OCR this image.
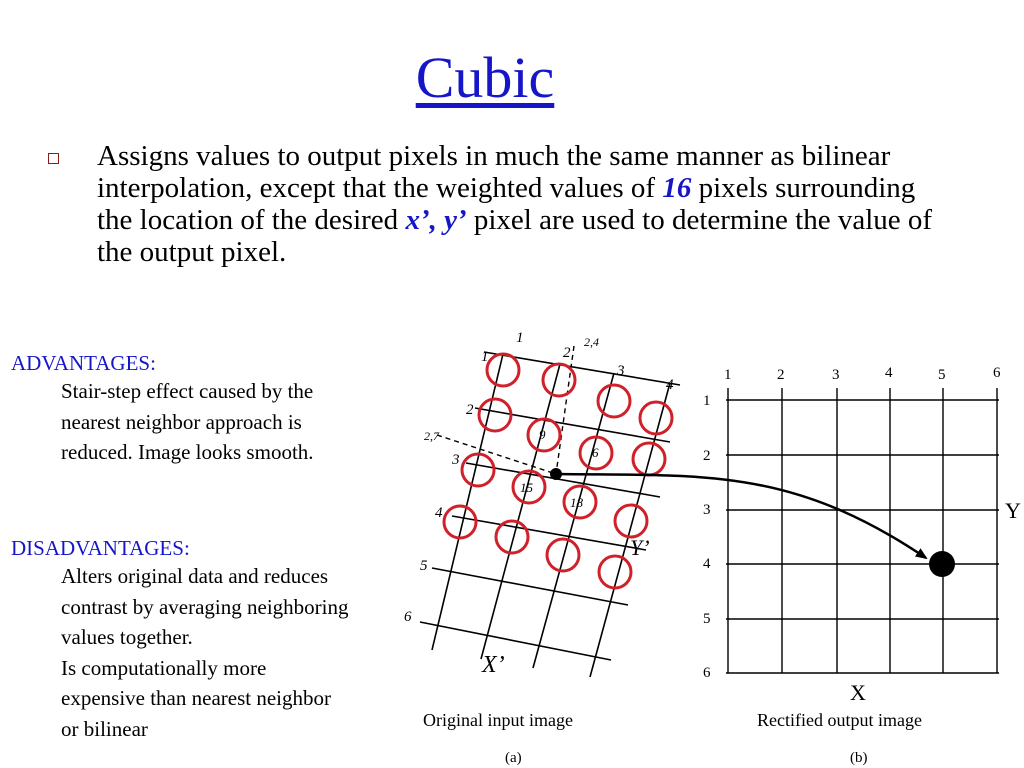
Cubic
Assigns values to output pixels in much the same manner as bilinear interpolation, except that the weighted values of 16 pixels surrounding the location of the desired x’, y’ pixel are used to determine the value of the output pixel.
ADVANTAGES:
Stair-step effect caused by the nearest neighbor approach is reduced. Image looks smooth.
DISADVANTAGES:
Alters original data and reduces contrast by averaging neighboring values together.
Is computationally more expensive than nearest neighbor or bilinear
1
2
3
4
1
2
3
4
5
6
2,4
2,7	9
6
15
18
Y’
X’
1	2	3	4	5	6
1
2
3
4
5
6
Y
X
Original input image	Rectified output image
(a)	(b)
